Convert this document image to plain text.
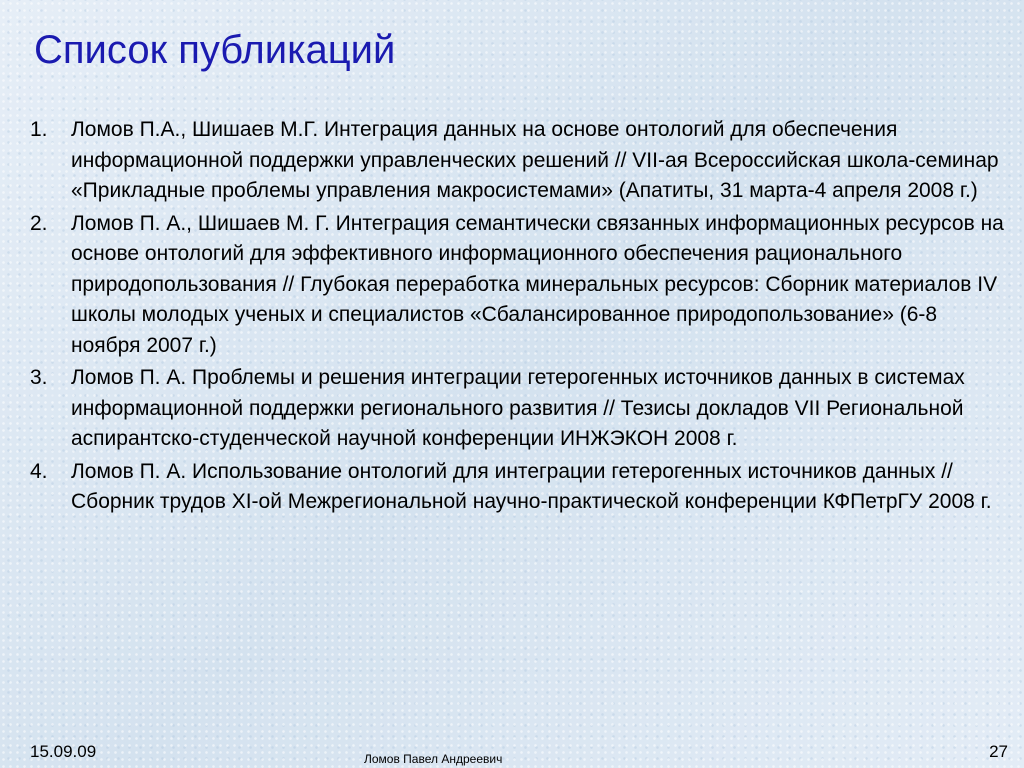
Список публикаций
1.	Ломов П.А., Шишаев М.Г. Интеграция данных на основе онтологий для обеспечения информационной поддержки управленческих решений // VII-ая Всероссийская школа-семинар «Прикладные проблемы управления макросистемами» (Апатиты, 31 марта-4 апреля 2008 г.)
2.	Ломов П. А., Шишаев М. Г. Интеграция семантически связанных информационных ресурсов на основе онтологий для эффективного информационного обеспечения рационального природопользования // Глубокая переработка минеральных ресурсов: Сборник материалов IV школы молодых ученых и специалистов «Сбалансированное природопользование» (6-8 ноября 2007 г.)
3.	Ломов П. А. Проблемы и решения интеграции гетерогенных источников данных в системах информационной поддержки регионального развития // Тезисы докладов VII Региональной аспирантско-студенческой научной конференции ИНЖЭКОН 2008 г.
4.	Ломов П. А. Использование онтологий для интеграции гетерогенных источников данных //Сборник трудов XI-ой Межрегиональной научно-практической конференции КФПетрГУ 2008 г.
15.09.09	Ломов Павел Андреевич	27
